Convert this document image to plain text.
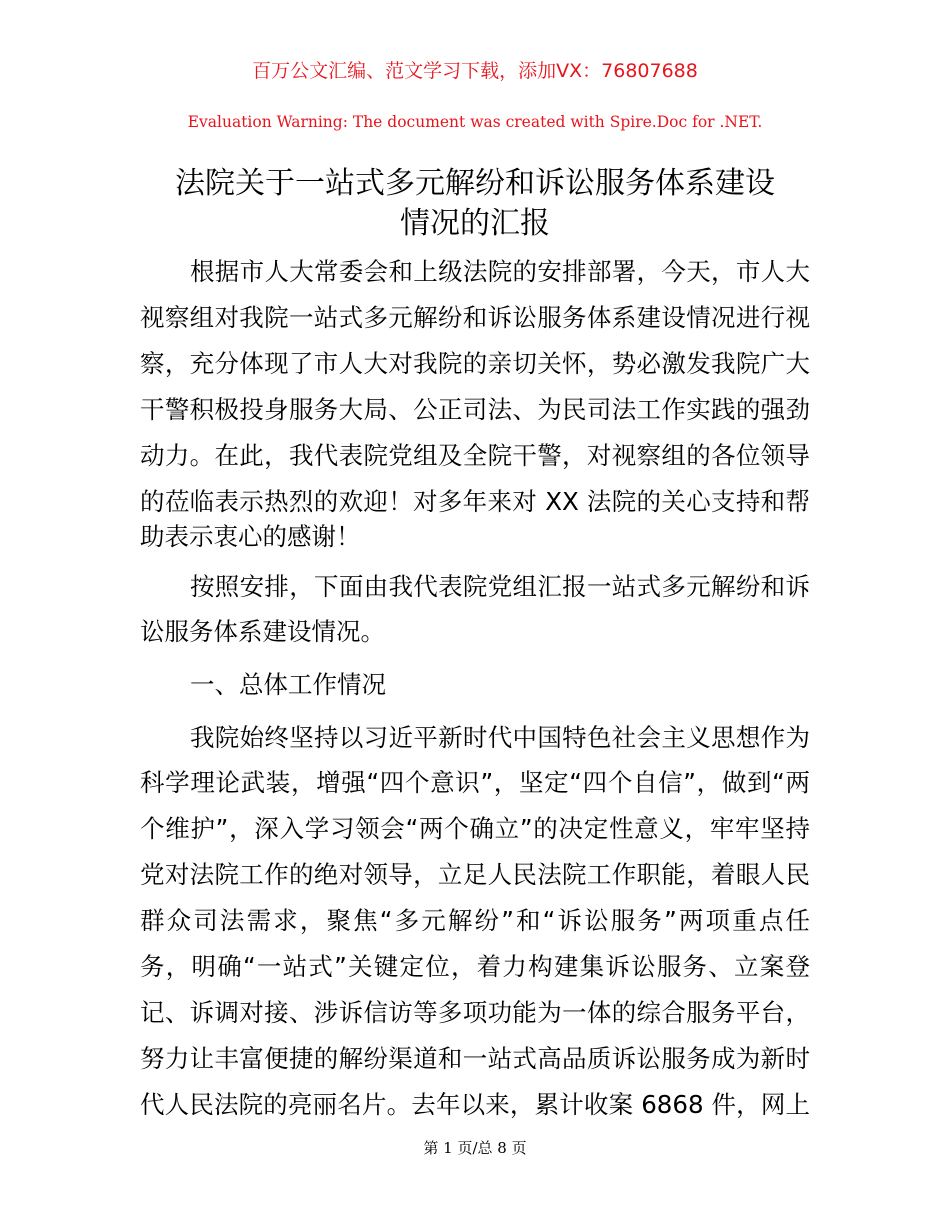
百万公文汇编、范文学习下载，添加VX：76807688
Evaluation Warning: The document was created with Spire.Doc for .NET.
法院关于一站式多元解纷和诉讼服务体系建设
情况的汇报
根据市人大常委会和上级法院的安排部署，今天，市人大
视察组对我院一站式多元解纷和诉讼服务体系建设情况进行视
察，充分体现了市人大对我院的亲切关怀，势必激发我院广大
干警积极投身服务大局、公正司法、为民司法工作实践的强劲
动力。在此，我代表院党组及全院干警，对视察组的各位领导
的莅临表示热烈的欢迎！对多年来对 XX 法院的关心支持和帮
助表示衷心的感谢！
按照安排，下面由我代表院党组汇报一站式多元解纷和诉
讼服务体系建设情况。
一、总体工作情况
我院始终坚持以习近平新时代中国特色社会主义思想作为
科学理论武装，增强“四个意识”，坚定“四个自信”，做到“两
个维护”，深入学习领会“两个确立”的决定性意义，牢牢坚持
党对法院工作的绝对领导，立足人民法院工作职能，着眼人民
群众司法需求，聚焦“多元解纷”和“诉讼服务”两项重点任
务，明确“一站式”关键定位，着力构建集诉讼服务、立案登
记、诉调对接、涉诉信访等多项功能为一体的综合服务平台，
努力让丰富便捷的解纷渠道和一站式高品质诉讼服务成为新时
代人民法院的亮丽名片。去年以来，累计收案 6868 件，网上
第 1 页/总 8 页
